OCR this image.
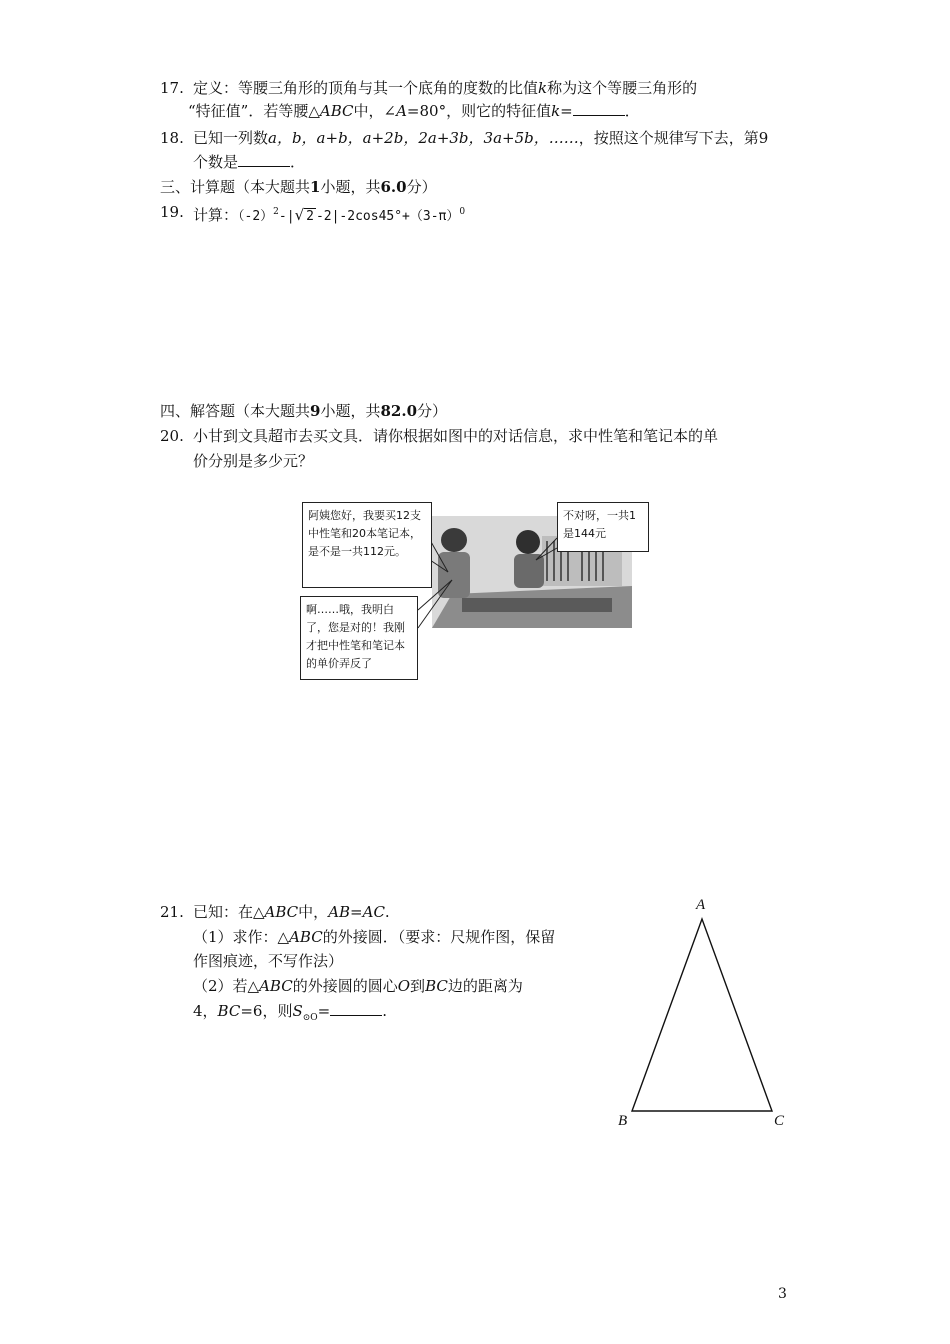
17. 定义：等腰三角形的顶角与其一个底角的度数的比值k称为这个等腰三角形的
“特征值”．若等腰△ABC中，∠A=80°，则它的特征值k=	．
18. 已知一列数a，b，a+b，a+2b，2a+3b，3a+5b，……，按照这个规律写下去，第9
个数是	．
三、计算题（本大题共1小题，共6.0分）
19. 计算：$(-2)^2-|√$ 2 $-2|-2\cos 45^\circ+(3-\pi)^0$
四、解答题（本大题共9小题，共82.0分）
20. 小甘到文具超市去买文具．请你根据如图中的对话信息，求中性笔和笔记本的单
价分别是多少元？
阿姨您好，我要买12支中性笔和20本笔记本，是不是一共112元。
不对呀，一共1是144元
啊……哦，我明白了，您是对的！我刚才把中性笔和笔记本的单价弄反了
21. 已知：在△ABC中，AB=AC.
（1）求作：△ABC的外接圆．（要求：尺规作图，保留
作图痕迹，不写作法）
（2）若△ABC的外接圆的圆心O到BC边的距离为
4，BC=6，则$S_{⊙O}=$	.
A
B	C
3
